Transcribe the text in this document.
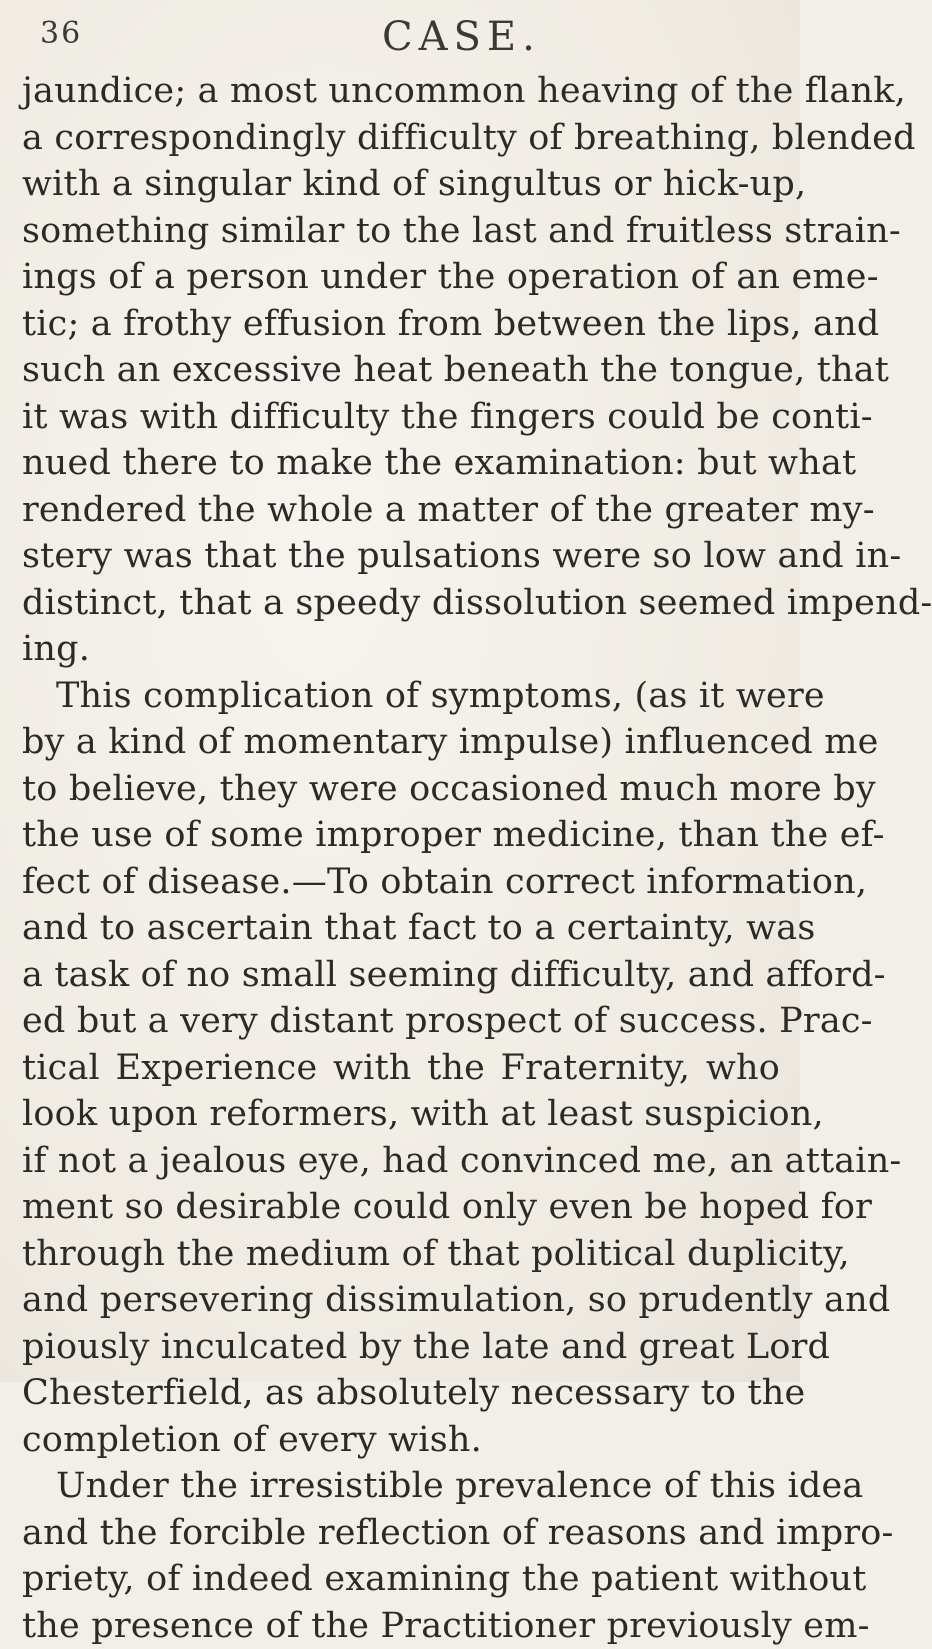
36	CASE.
jaundice; a most uncommon heaving of the flank,
a correspondingly difficulty of breathing, blended
with a singular kind of singultus or hick-up,
something similar to the last and fruitless strain-
ings of a person under the operation of an eme-
tic; a frothy effusion from between the lips, and
such an excessive heat beneath the tongue, that
it was with difficulty the fingers could be conti-
nued there to make the examination: but what
rendered the whole a matter of the greater my-
stery was that the pulsations were so low and in-
distinct, that a speedy dissolution seemed impend-
ing.
This complication of symptoms, (as it were
by a kind of momentary impulse) influenced me
to believe, they were occasioned much more by
the use of some improper medicine, than the ef-
fect of disease.—To obtain correct information,
and to ascertain that fact to a certainty, was
a task of no small seeming difficulty, and afford-
ed but a very distant prospect of success. Prac-
tical Experience with the Fraternity, who
look upon reformers, with at least suspicion,
if not a jealous eye, had convinced me, an attain-
ment so desirable could only even be hoped for
through the medium of that political duplicity,
and persevering dissimulation, so prudently and
piously inculcated by the late and great Lord
Chesterfield, as absolutely necessary to the
completion of every wish.
Under the irresistible prevalence of this idea
and the forcible reflection of reasons and impro-
priety, of indeed examining the patient without
the presence of the Practitioner previously em-
